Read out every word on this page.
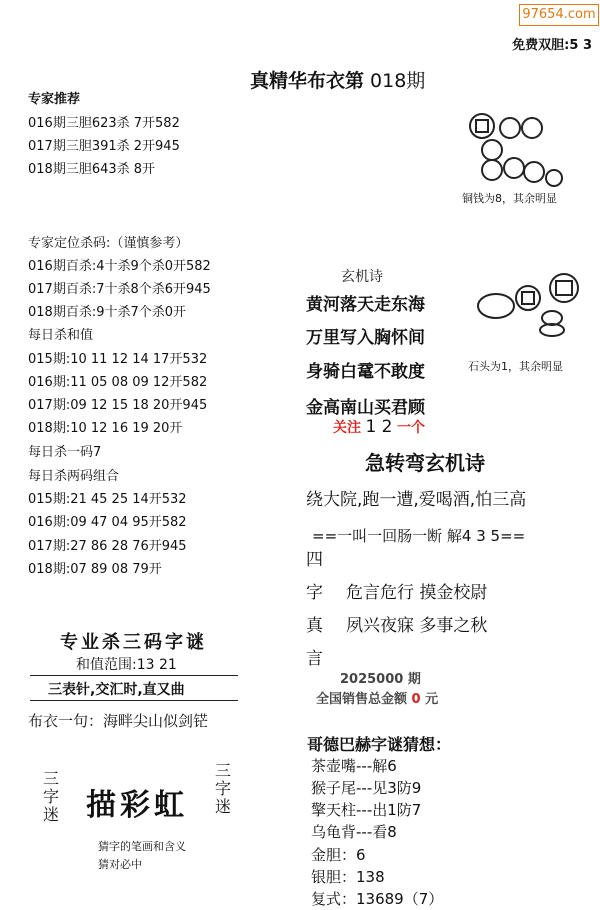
97654.com
免费双胆:5 3
真精华布衣第 018期
专家推荐
016期三胆623杀 7开582
017期三胆391杀 2开945
018期三胆643杀 8开
专家定位杀码:（谨慎参考）
016期百杀:4十杀9个杀0开582
017期百杀:7十杀8个杀6开945
018期百杀:9十杀7个杀0开
每日杀和值
015期:10 11 12 14 17开532
016期:11 05 08 09 12开582
017期:09 12 15 18 20开945
018期:10 12 16 19 20开
每日杀一码7
每日杀两码组合
015期:21 45 25 14开532
016期:09 47 04 95开582
017期:27 86 28 76开945
018期:07 89 08 79开
铜钱为8，其余明显
石头为1，其余明显
玄机诗
黄河落天走东海
万里写入胸怀间
身骑白鼋不敢度
金高南山买君顾
关注 1 2 一个
急转弯玄机诗
绕大院,跑一遭,爱喝酒,怕三高
==一叫一回肠一断 解4 3 5==
四
字
真
言
危言危行 摸金校尉
夙兴夜寐 多事之秋
2025000 期
全国销售总金额 0 元
专业杀三码字谜
和值范围:13 21
三表针,交汇时,直又曲
布衣一句：海畔尖山似剑铓
三字迷 描彩虹
三字迷
猜字的笔画和含义
猜对必中
哥德巴赫字谜猜想：
茶壶嘴---解6
猴子尾---见3防9
擎天柱---出1防7
乌龟背---看8
金胆：6
银胆：138
复式：13689（7）
